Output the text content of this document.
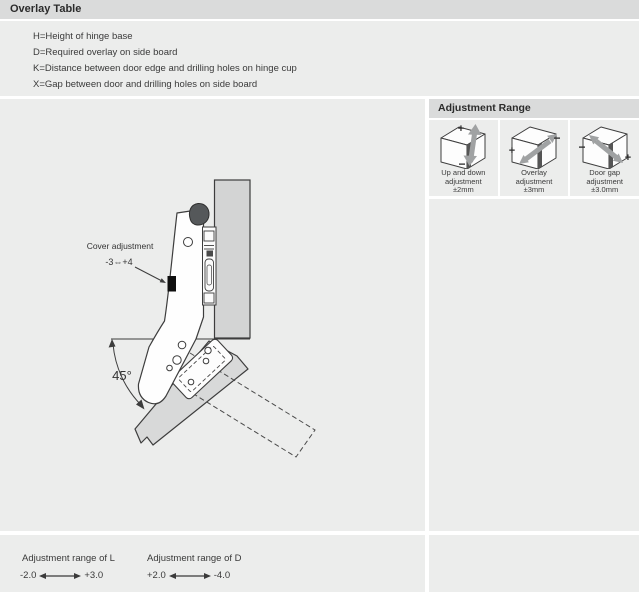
Overlay Table
H=Height of hinge base
D=Required overlay on side board
K=Distance between door edge and drilling holes on hinge cup
X=Gap between door and drilling holes on side board
45°
Cover adjustment
-3⇔+4
Adjustment Range
+
−
Up and down
adjustment
±2mm
+
−
Overlay
adjustment
±3mm
−
+
Door gap
adjustment
±3.0mm
Adjustment range of L
-2.0	+3.0
Adjustment range of D
+2.0	-4.0
